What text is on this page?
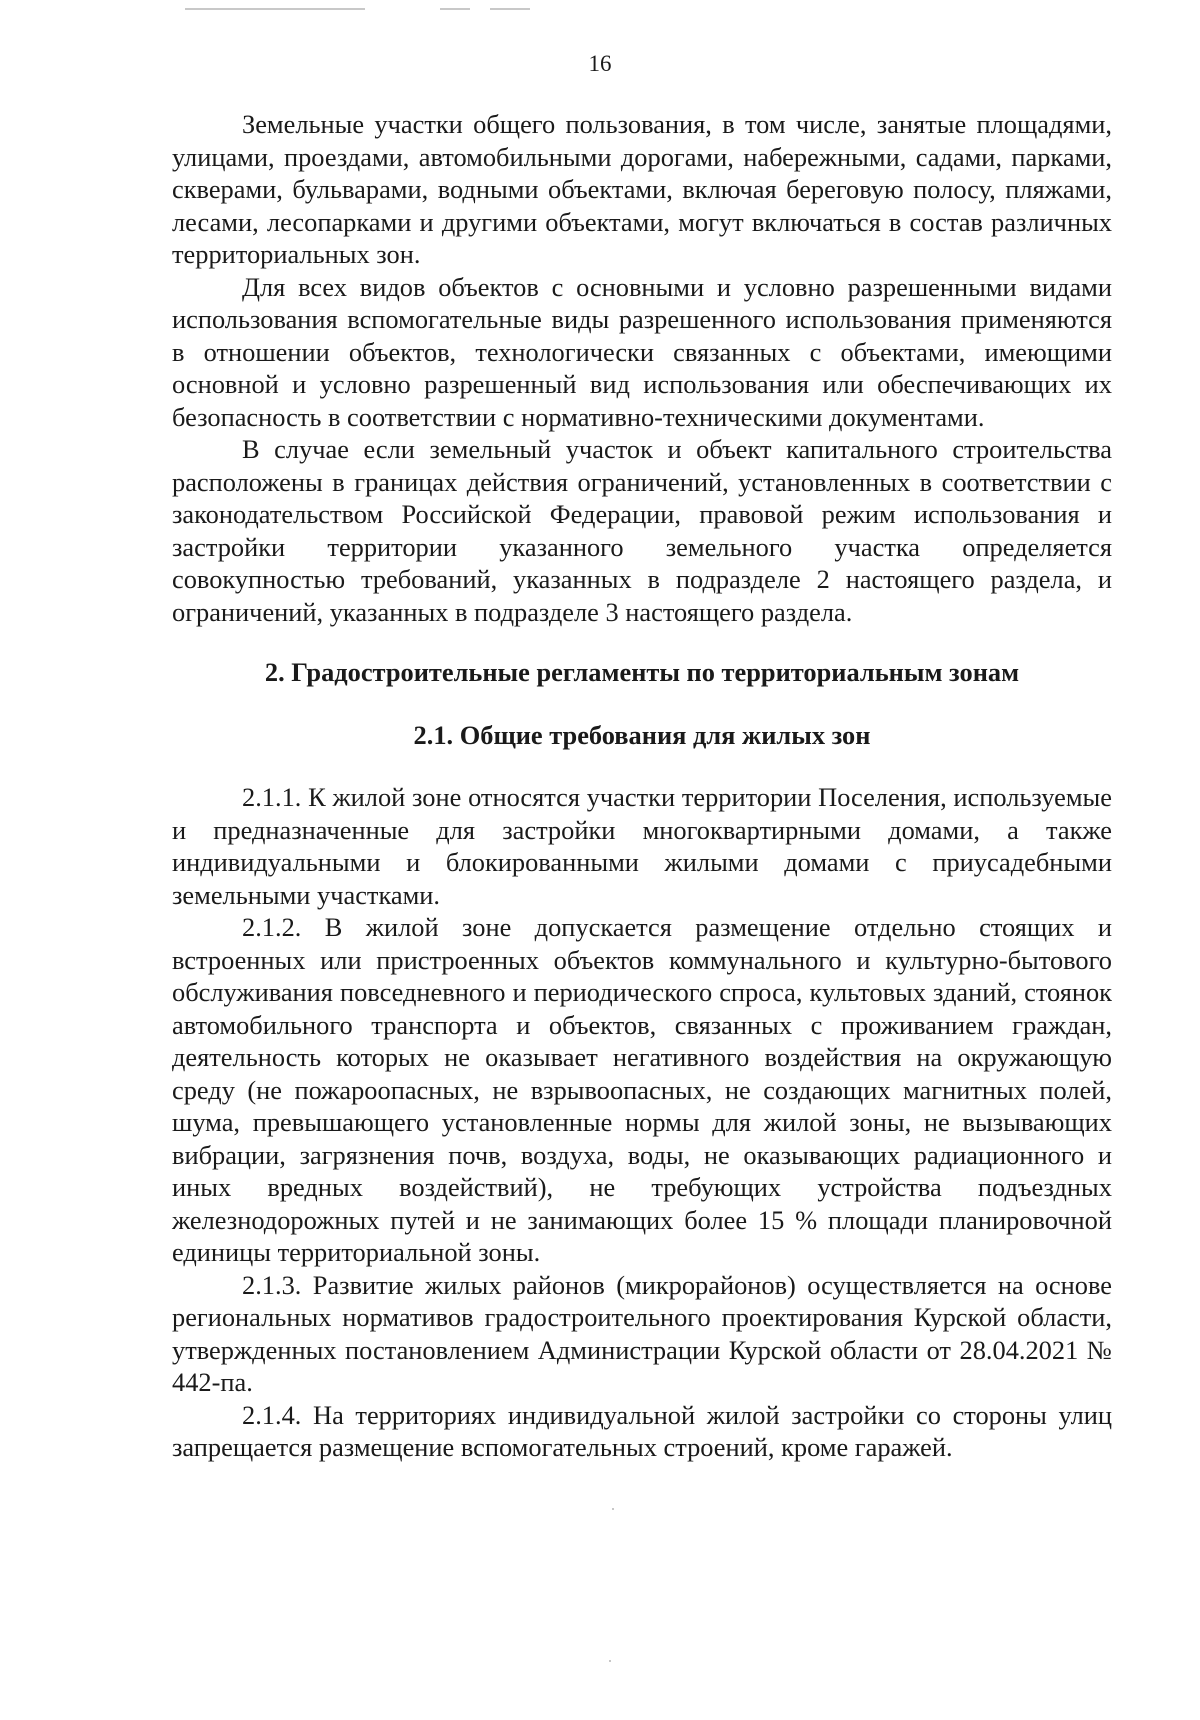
16

Земельные участки общего пользования, в том числе, занятые площадями, улицами, проездами, автомобильными дорогами, набережными, садами, парками, скверами, бульварами, водными объектами, включая береговую полосу, пляжами, лесами, лесопарками и другими объектами, могут включаться в состав различных территориальных зон.

Для всех видов объектов с основными и условно разрешенными видами использования вспомогательные виды разрешенного использования применяются в отношении объектов, технологически связанных с объектами, имеющими основной и условно разрешенный вид использования или обеспечивающих их безопасность в соответствии с нормативно-техническими документами.

В случае если земельный участок и объект капитального строительства расположены в границах действия ограничений, установленных в соответствии с законодательством Российской Федерации, правовой режим использования и застройки территории указанного земельного участка определяется совокупностью требований, указанных в подразделе 2 настоящего раздела, и ограничений, указанных в подразделе 3 настоящего раздела.

2. Градостроительные регламенты по территориальным зонам
2.1. Общие требования для жилых зон

2.1.1. К жилой зоне относятся участки территории Поселения, используемые и предназначенные для застройки многоквартирными домами, а также индивидуальными и блокированными жилыми домами с приусадебными земельными участками.

2.1.2. В жилой зоне допускается размещение отдельно стоящих и встроенных или пристроенных объектов коммунального и культурно-бытового обслуживания повседневного и периодического спроса, культовых зданий, стоянок автомобильного транспорта и объектов, связанных с проживанием граждан, деятельность которых не оказывает негативного воздействия на окружающую среду (не пожароопасных, не взрывоопасных, не создающих магнитных полей, шума, превышающего установленные нормы для жилой зоны, не вызывающих вибрации, загрязнения почв, воздуха, воды, не оказывающих радиационного и иных вредных воздействий), не требующих устройства подъездных железнодорожных путей и не занимающих более 15 % площади планировочной единицы территориальной зоны.

2.1.3. Развитие жилых районов (микрорайонов) осуществляется на основе региональных нормативов градостроительного проектирования Курской области, утвержденных постановлением Администрации Курской области от 28.04.2021 № 442-па.

2.1.4. На территориях индивидуальной жилой застройки со стороны улиц запрещается размещение вспомогательных строений, кроме гаражей.
